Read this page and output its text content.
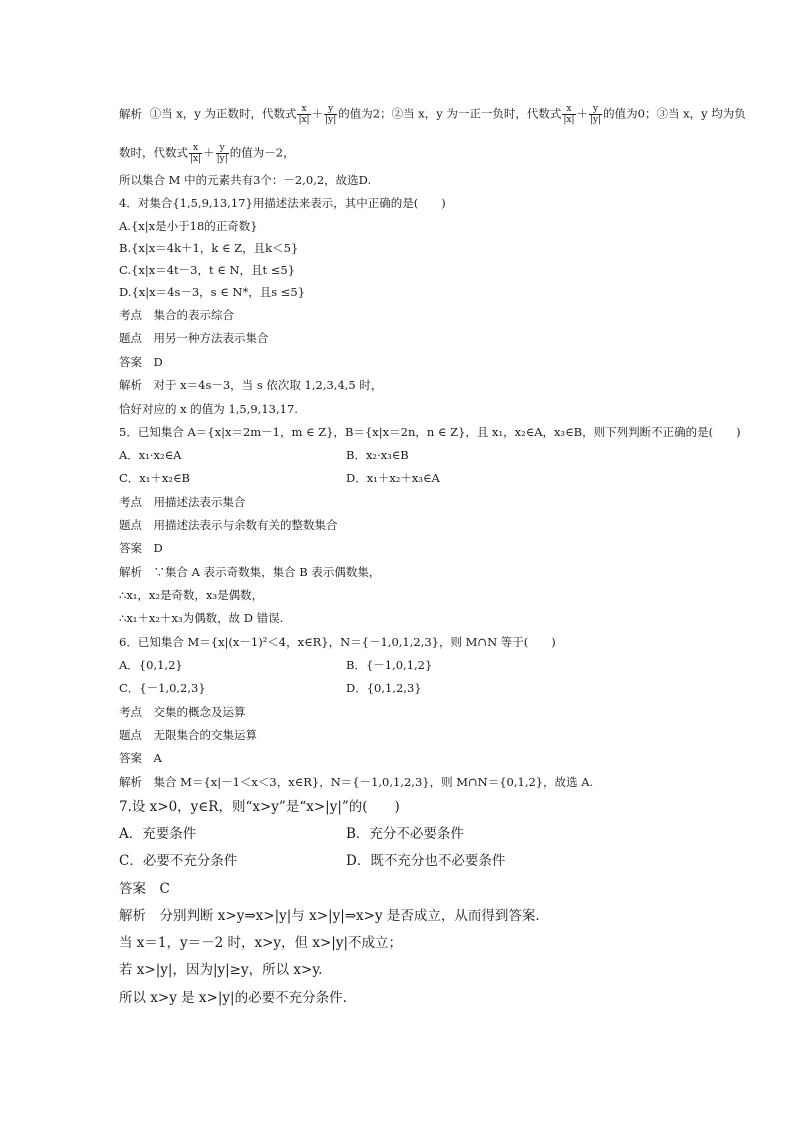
解析 ①当 x，y 为正数时，代数式 $\frac{x}{|x|} + \frac{y}{|y|}$ 的值为2；②当 x，y 为一正一负时，代数式 $\frac{x}{|x|} + \frac{y}{|y|}$ 的值为0；③当 x，y 均为负
数时，代数式 $\frac{x}{|x|} + \frac{y}{|y|}$ 的值为－2，
所以集合 M 中的元素共有3个：－2,0,2，故选D.
4．对集合{1,5,9,13,17}用描述法来表示，其中正确的是(　　)
A.{x|x是小于18的正奇数}
B.{x|x＝4k＋1，k ∈ Z，且k＜5}
C.{x|x＝4t－3，t ∈ N，且t ≤5}
D.{x|x＝4s－3，s ∈ N*，且s ≤5}
考点　集合的表示综合
题点　用另一种方法表示集合
答案　D
解析　对于 x＝4s－3，当 s 依次取 1,2,3,4,5 时，
恰好对应的 x 的值为 1,5,9,13,17.
5．已知集合 A＝{x|x＝2m－1，m ∈ Z}，B＝{x|x＝2n，n ∈ Z}，且 x₁，x₂∈A，x₃∈B，则下列判断不正确的是(　　)
A．x₁·x₂∈A	B．x₂·x₃∈B
C．x₁＋x₂∈B	D．x₁＋x₂＋x₃∈A
考点　用描述法表示集合
题点　用描述法表示与余数有关的整数集合
答案　D
解析　∵集合 A 表示奇数集，集合 B 表示偶数集，
∴x₁，x₂是奇数，x₃是偶数，
∴x₁＋x₂＋x₃为偶数，故 D 错误.
6．已知集合 M＝{x|(x－1)²＜4，x∈R}，N＝{－1,0,1,2,3}，则 M∩N 等于(　　)
A．{0,1,2}	B．{－1,0,1,2}
C．{－1,0,2,3}	D．{0,1,2,3}
考点　交集的概念及运算
题点　无限集合的交集运算
答案　A
解析　集合 M＝{x|－1＜x＜3，x∈R}，N＝{－1,0,1,2,3}，则 M∩N＝{0,1,2}，故选 A.
7.设 x>0，y∈R，则“x>y”是“x>|y|”的(　　)
A．充要条件	B．充分不必要条件
C．必要不充分条件	D．既不充分也不必要条件
答案　C
解析　分别判断 x>y⇒x>|y|与 x>|y|⇒x>y 是否成立，从而得到答案.
当 x＝1，y＝－2 时，x>y，但 x>|y|不成立；
若 x>|y|，因为|y|≥y，所以 x>y.
所以 x>y 是 x>|y|的必要不充分条件.
